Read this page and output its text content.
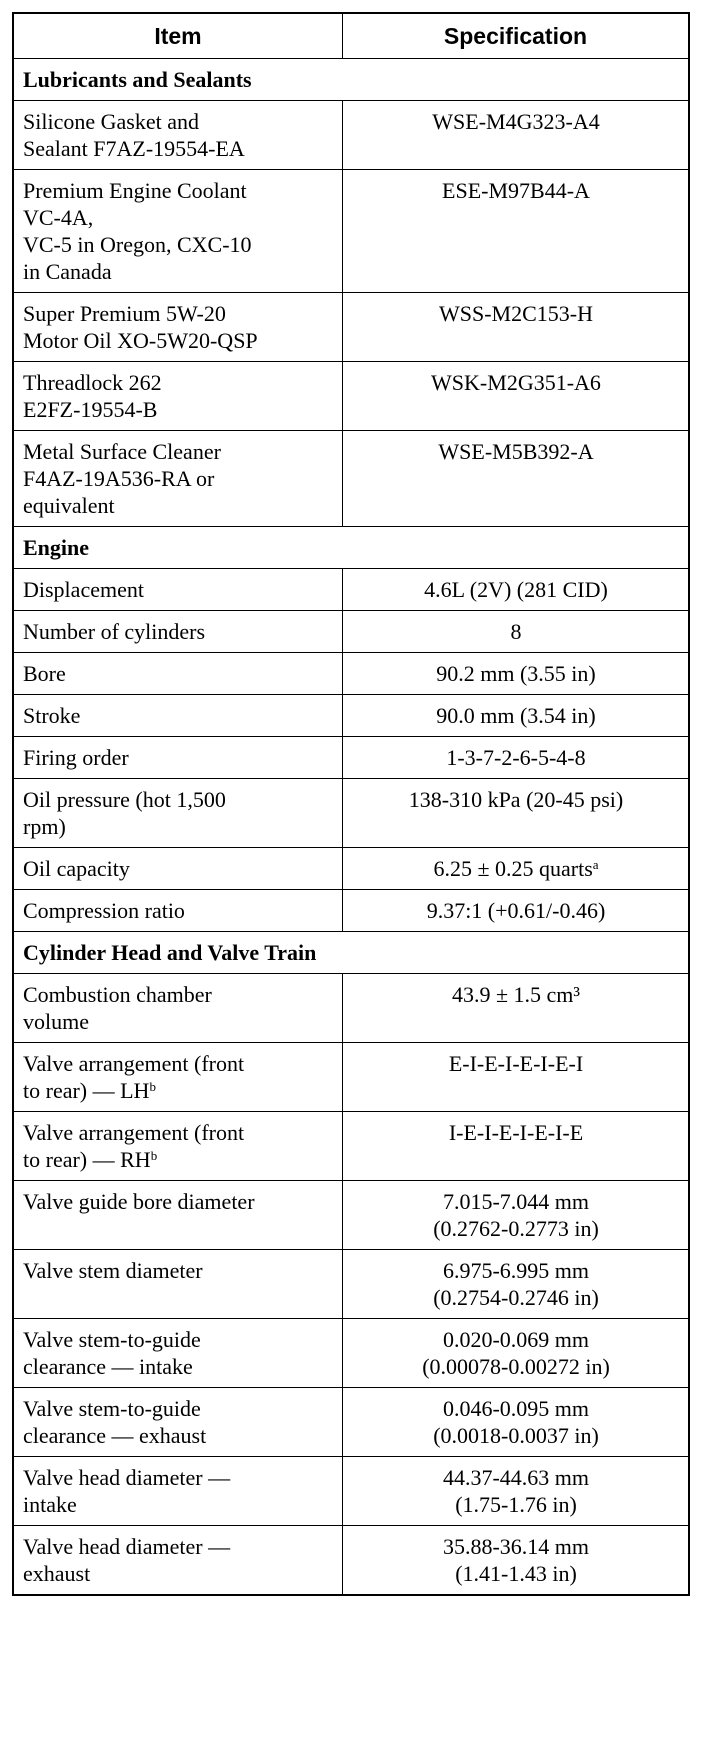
Item	Specification
Lubricants and Sealants	

Silicone Gasket and
Sealant F7AZ-19554-EA	WSE-M4G323-A4

Premium Engine Coolant
VC-4A,
VC-5 in Oregon, CXC-10
in Canada	ESE-M97B44-A

Super Premium 5W-20
Motor Oil XO-5W20-QSP	WSS-M2C153-H

Threadlock 262
E2FZ-19554-B	WSK-M2G351-A6

Metal Surface Cleaner
F4AZ-19A536-RA or
equivalent	WSE-M5B392-A

Engine	

Displacement	4.6L (2V) (281 CID)

Number of cylinders	8

Bore	90.2 mm (3.55 in)

Stroke	90.0 mm (3.54 in)

Firing order	1-3-7-2-6-5-4-8

Oil pressure (hot 1,500
rpm)	138-310 kPa (20-45 psi)

Oil capacity	6.25 ± 0.25 quarts$^a$

Compression ratio	9.37:1 (+0.61/-0.46)

Cylinder Head and Valve Train	

Combustion chamber
volume	43.9 ± 1.5 cm³

Valve arrangement (front
to rear) — $LH^b$	E-I-E-I-E-I-E-I

Valve arrangement (front
to rear) — $RH^b$	I-E-I-E-I-E-I-E

Valve guide bore diameter	7.015-7.044 mm
(0.2762-0.2773 in)

Valve stem diameter	6.975-6.995 mm
(0.2754-0.2746 in)

Valve stem-to-guide
clearance — intake	0.020-0.069 mm
(0.00078-0.00272 in)

Valve stem-to-guide
clearance — exhaust	0.046-0.095 mm
(0.0018-0.0037 in)

Valve head diameter —
intake	44.37-44.63 mm
(1.75-1.76 in)

Valve head diameter —
exhaust	35.88-36.14 mm
(1.41-1.43 in)
